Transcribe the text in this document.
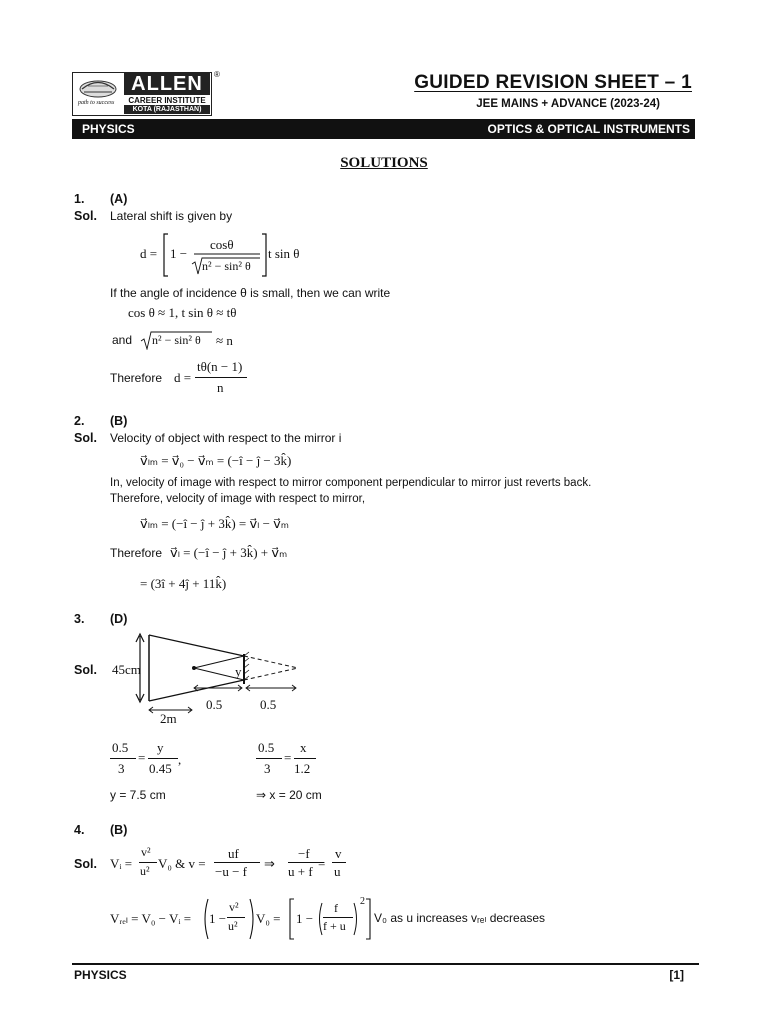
path to success
ALLEN
CAREER INSTITUTE
KOTA (RAJASTHAN)
®	GUIDED REVISION SHEET – 1
JEE MAINS + ADVANCE (2023-24)
PHYSICS	OPTICS & OPTICAL INSTRUMENTS
SOLUTIONS
1. (A)
Sol. Lateral shift is given by
d = 1 −
cosθ
n² − sin² θ
t sin θ
If the angle of incidence θ is small, then we can write
cos θ ≈ 1, t sin θ ≈ tθ
and n² − sin² θ ≈ n
Therefore d =
tθ(n − 1)
n
2. (B)
Sol. Velocity of object with respect to the mirror i
v⃗ₗₘ = v⃗₀ − v⃗ₘ = (−î − ĵ − 3k̂)
In, velocity of image with respect to mirror component perpendicular to mirror just reverts back.
Therefore, velocity of image with respect to mirror,
v⃗ₗₘ = (−î − ĵ + 3k̂) = v⃗ₗ − v⃗ₘ
Therefore v⃗ₗ = (−î − ĵ + 3k̂) + v⃗ₘ
= (3î + 4ĵ + 11k̂)
3. (D)
Sol. 45cm	y
0.5	0.5
2m
0.5
3
=
y
0.45
,
0.5
3
=
x
1.2
y = 7.5 cm	⇒ x = 20 cm
4. (B)
Sol. Vᵢ =
v²
u² V₀ & v =
uf
−u − f
⇒
−f
u + f
=
v
u
Vᵣₑₗ = V₀ − Vᵢ = 1 −
v²
u² V₀ = 1 −
f
f + u
2
V₀ as u increases vᵣₑₗ decreases
PHYSICS	[1]
